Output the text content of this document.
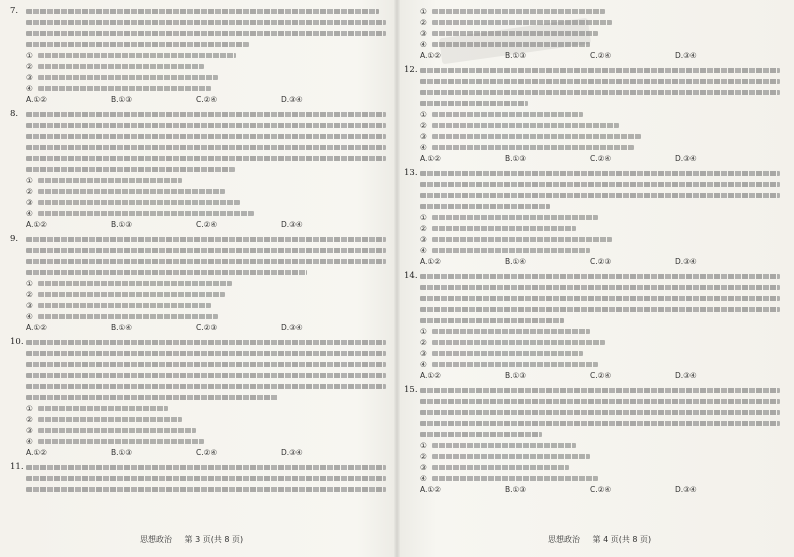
7.
①
②
③
④
A.①②	B.①③	C.②④	D.③④
8.
①
②
③
④
A.①②	B.①③	C.②④	D.③④
9.
①
②
③
④
A.①②	B.①④	C.②③	D.③④
10.
①
②
③
④
A.①②	B.①③	C.②④	D.③④
11.
①
②
③
④
A.①②	B.①③	C.②④	D.③④
12.
①
②
③
④
A.①②	B.①③	C.②④	D.③④
13.
①
②
③
④
A.①②	B.①④	C.②③	D.③④
14.
①
②
③
④
A.①②	B.①③	C.②④	D.③④
15.
①
②
③
④
A.①②	B.①③	C.②④	D.③④
思想政治 第 3 页(共 8 页)	思想政治 第 4 页(共 8 页)
